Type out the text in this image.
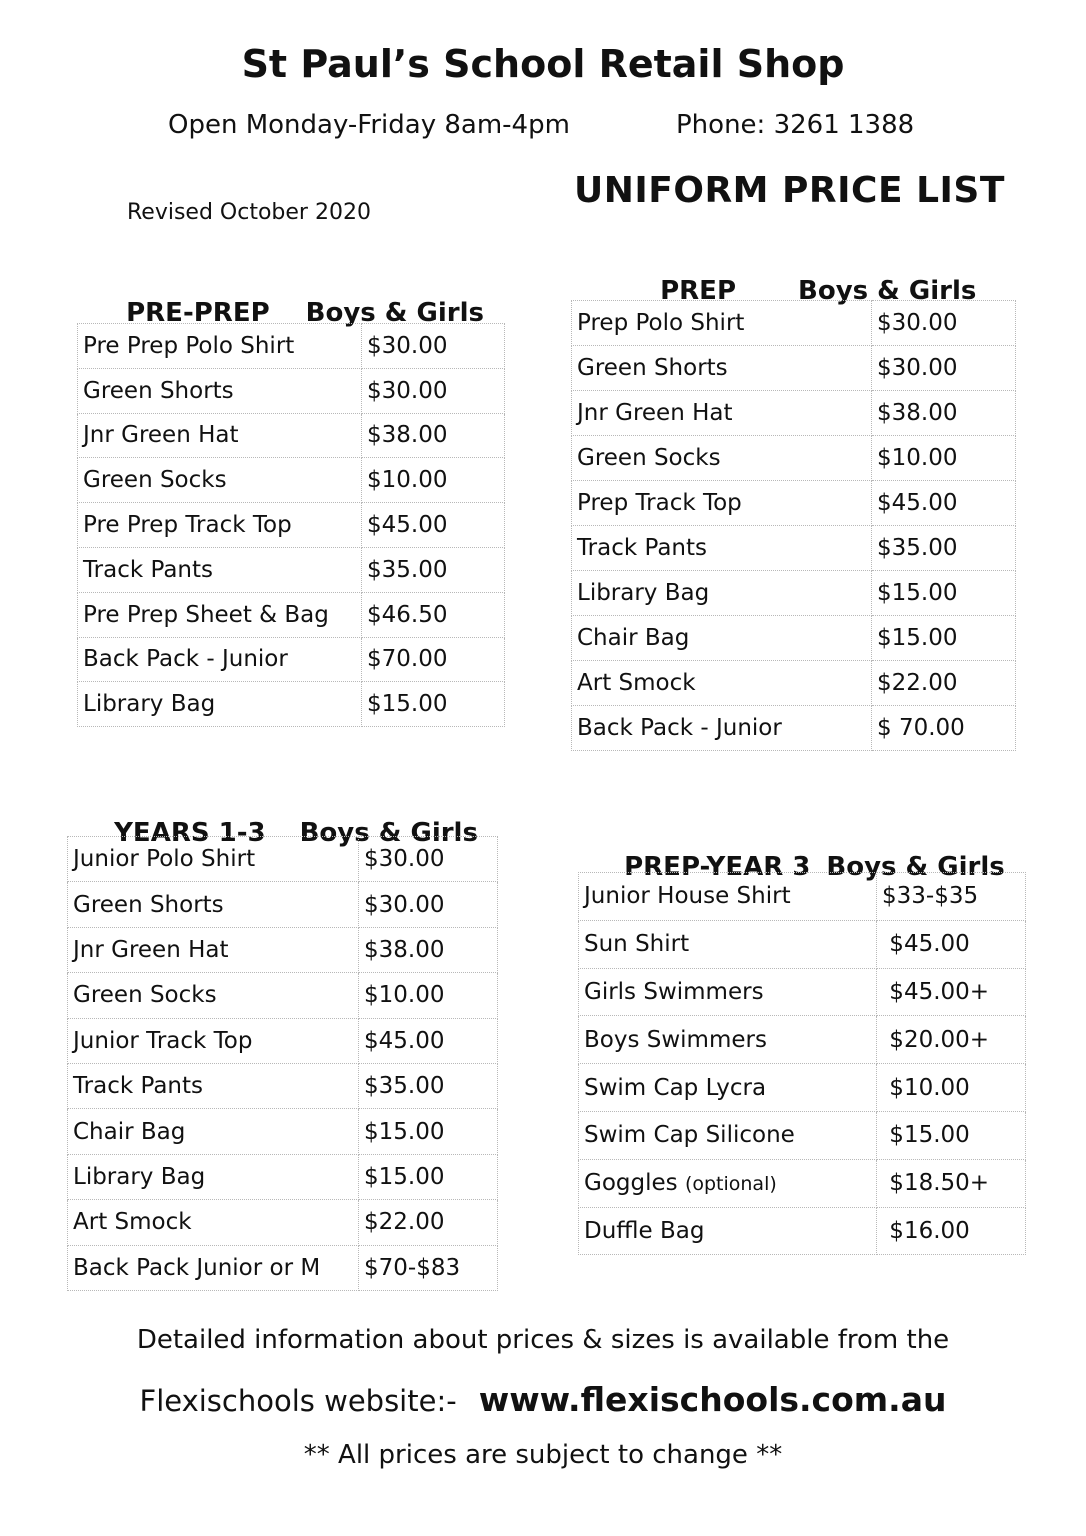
St Paul’s School Retail Shop
Open Monday-Friday 8am-4pm	Phone: 3261 1388
Revised October 2020
UNIFORM PRICE LIST

PRE-PREP Boys & Girls

Pre Prep Polo Shirt	$30.00
Green Shorts	$30.00
Jnr Green Hat	$38.00
Green Socks	$10.00
Pre Prep Track Top	$45.00
Track Pants	$35.00
Pre Prep Sheet & Bag	$46.50
Back Pack - Junior	$70.00
Library Bag	$15.00

PREP Boys & Girls

Prep Polo Shirt	$30.00
Green Shorts	$30.00
Jnr Green Hat	$38.00
Green Socks	$10.00
Prep Track Top	$45.00
Track Pants	$35.00
Library Bag	$15.00
Chair Bag	$15.00
Art Smock	$22.00
Back Pack - Junior	$ 70.00

YEARS 1-3 Boys & Girls

Junior Polo Shirt	$30.00
Green Shorts	$30.00
Jnr Green Hat	$38.00
Green Socks	$10.00
Junior Track Top	$45.00
Track Pants	$35.00
Chair Bag	$15.00
Library Bag	$15.00
Art Smock	$22.00
Back Pack Junior or M	$70-$83

PREP-YEAR 3 Boys & Girls

Junior House Shirt	$33-$35
Sun Shirt	$45.00
Girls Swimmers	$45.00+
Boys Swimmers	$20.00+
Swim Cap Lycra	$10.00
Swim Cap Silicone	$15.00
Goggles (optional)	$18.50+
Duffle Bag	$16.00
Detailed information about prices & sizes is available from the
Flexischools website:- www.flexischools.com.au
** All prices are subject to change **
